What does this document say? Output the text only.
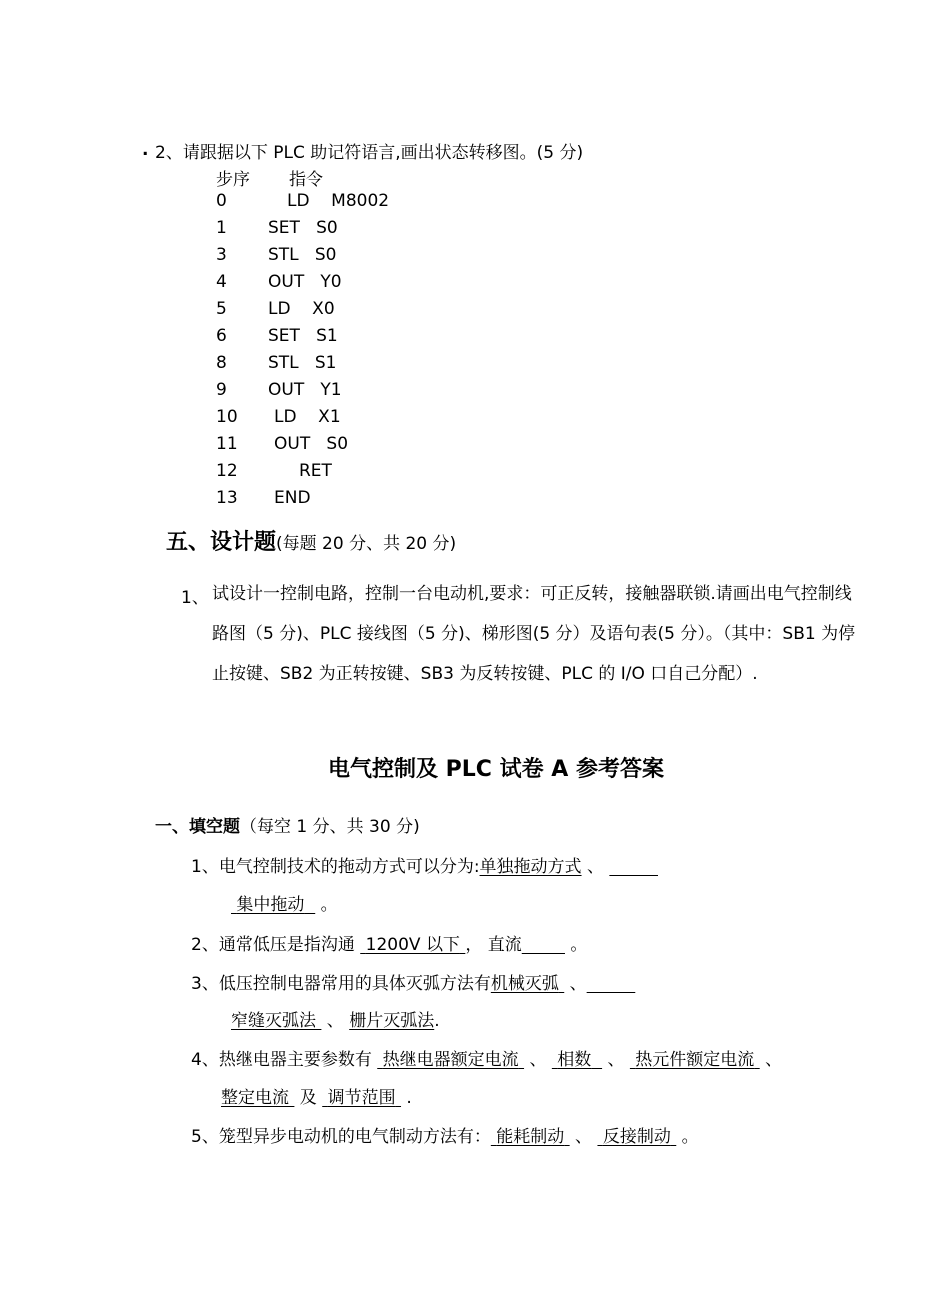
. 2、请跟据以下 PLC 助记符语言,画出状态转移图。(5 分)
步序 指令
0	LD    M8002
1 SET   S0
3 STL   S0
4 OUT   Y0
5 LD    X0
6 SET   S1
8 STL   S1
9 OUT   Y1
10 LD    X1
11 OUT   S0
12	RET
13 END
五、设计题(每题 20 分、共 20 分)
1、 试设计一控制电路，控制一台电动机,要求：可正反转，接触器联锁.请画出电气控制线路图（5 分)、PLC 接线图（5 分)、梯形图(5 分）及语句表(5 分）。（其中：SB1 为停止按键、SB2 为正转按键、SB3 为反转按键、PLC 的 I/O 口自己分配）.
电气控制及 PLC 试卷 A 参考答案
一、填空题（每空 1 分、共 30 分)
1、电气控制技术的拖动方式可以分为:单独拖动方式 、
集中拖动 。
2、通常低压是指沟通  1200V 以下 ， 直流	。
3、低压控制电器常用的具体灭弧方法有机械灭弧  、
窄缝灭弧法  、 栅片灭弧法.
4、热继电器主要参数有  热继电器额定电流  、  相数   、  热元件额定电流  、
整定电流  及  调节范围  .
5、笼型异步电动机的电气制动方法有： 能耗制动  、  反接制动  。
